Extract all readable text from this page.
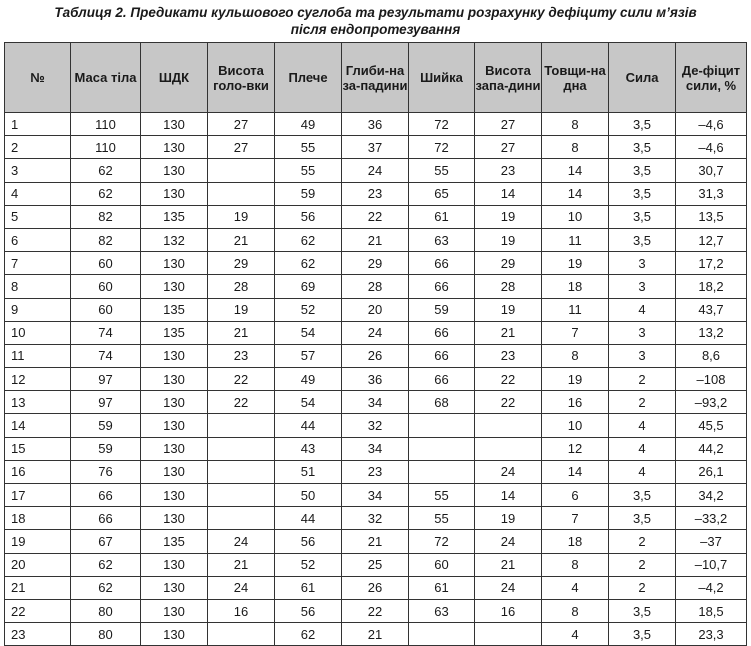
Таблиця 2. Предикати кульшового суглоба та результати розрахунку дефіциту сили м’язів
після ендопротезування
№	Маса тіла	ШДК	Висота голо-вки	Плече	Глиби-на за-падини	Шийка	Висота запа-дини	Товщи-на дна	Сила	Де-фіцит сили, %
1	110	130	27	49	36	72	27	8	3,5	–4,6
2	110	130	27	55	37	72	27	8	3,5	–4,6
3	62	130		55	24	55	23	14	3,5	30,7
4	62	130		59	23	65	14	14	3,5	31,3
5	82	135	19	56	22	61	19	10	3,5	13,5
6	82	132	21	62	21	63	19	11	3,5	12,7
7	60	130	29	62	29	66	29	19	3	17,2
8	60	130	28	69	28	66	28	18	3	18,2
9	60	135	19	52	20	59	19	11	4	43,7
10	74	135	21	54	24	66	21	7	3	13,2
11	74	130	23	57	26	66	23	8	3	8,6
12	97	130	22	49	36	66	22	19	2	–108
13	97	130	22	54	34	68	22	16	2	–93,2
14	59	130		44	32			10	4	45,5
15	59	130		43	34			12	4	44,2
16	76	130		51	23		24	14	4	26,1
17	66	130		50	34	55	14	6	3,5	34,2
18	66	130		44	32	55	19	7	3,5	–33,2
19	67	135	24	56	21	72	24	18	2	–37
20	62	130	21	52	25	60	21	8	2	–10,7
21	62	130	24	61	26	61	24	4	2	–4,2
22	80	130	16	56	22	63	16	8	3,5	18,5
23	80	130		62	21			4	3,5	23,3
